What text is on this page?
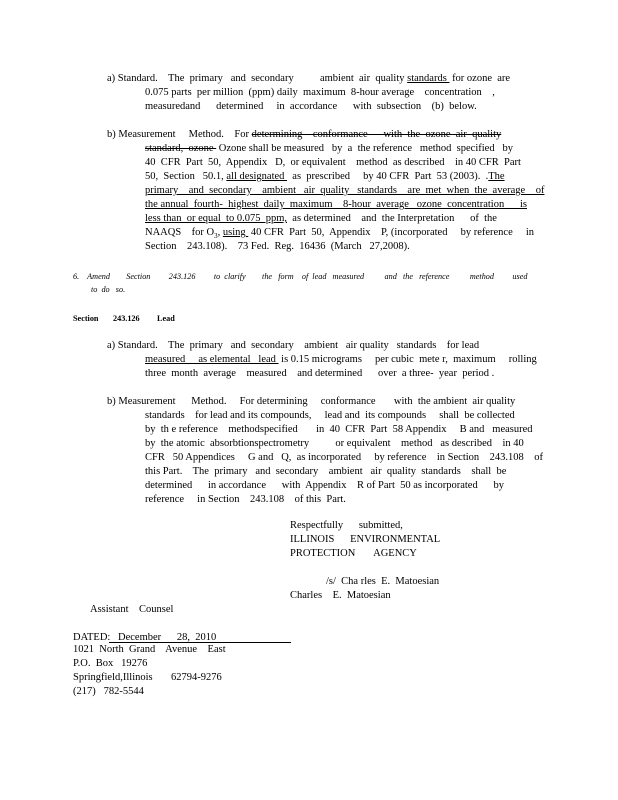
a) Standard.    The  primary   and  secondary          ambient  air  quality standards  for ozone  are
0.075 parts  per million  (ppm) daily  maximum  8-hour average    concentration    ,
measuredand      determined     in  accordance      with  subsection    (b)  below.
b) Measurement     Method.    For determining    conformance      with  the  ozone  air  quality
standard,  ozone  Ozone shall be measured   by  a  the reference   method  specified   by
40  CFR  Part  50,  Appendix   D,  or equivalent    method  as described    in 40 CFR  Part
50,  Section   50.1, all designated   as  prescribed     by 40 CFR  Part  53 (2003).  .The
primary    and  secondary    ambient   air  quality   standards    are  met  when  the  average    of
the annual  fourth-  highest  daily  maximum    8-hour  average   ozone  concentration      is
less than  or equal  to 0.075  ppm,  as determined    and  the Interpretation      of  the
NAAQS    for $O_3$, using  40 CFR  Part  50,  Appendix    P, (incorporated     by reference     in
Section    243.108).    73 Fed.  Reg.  16436  (March   27,2008).
6.    Amend        Section         243.126         to  clarify        the   form    of  lead   measured          and   the   reference          method         used
to  do   so.
Section 243.126 Lead
a) Standard.    The  primary   and  secondary    ambient   air quality   standards    for lead
measured     as elemental   lead  is 0.15 micrograms     per cubic  mete r,  maximum     rolling
three  month  average    measured    and determined      over  a three-  year  period .
b) Measurement      Method.     For determining     conformance       with  the ambient  air quality
standards    for lead and its compounds,     lead and  its compounds     shall  be collected
by  th e reference    methodspecified       in  40  CFR  Part  58 Appendix     B and   measured
by  the atomic  absorbtionspectrometry          or equivalent    method   as described    in 40
CFR   50 Appendices     G and   Q,  as incorporated     by reference    in Section    243.108    of
this Part.    The  primary   and  secondary    ambient   air  quality  standards    shall  be
determined      in accordance      with  Appendix    R of Part  50 as incorporated      by
reference     in Section    243.108    of this  Part.
Respectfully      submitted,
ILLINOIS      ENVIRONMENTAL
PROTECTION       AGENCY
/s/  Cha rles  E.  Matoesian
Charles    E.  Matoesian
Assistant    Counsel
DATED: December      28,  2010
1021  North  Grand    Avenue    East
P.O.  Box   19276
Springfield,Illinois       62794-9276
(217)   782-5544
